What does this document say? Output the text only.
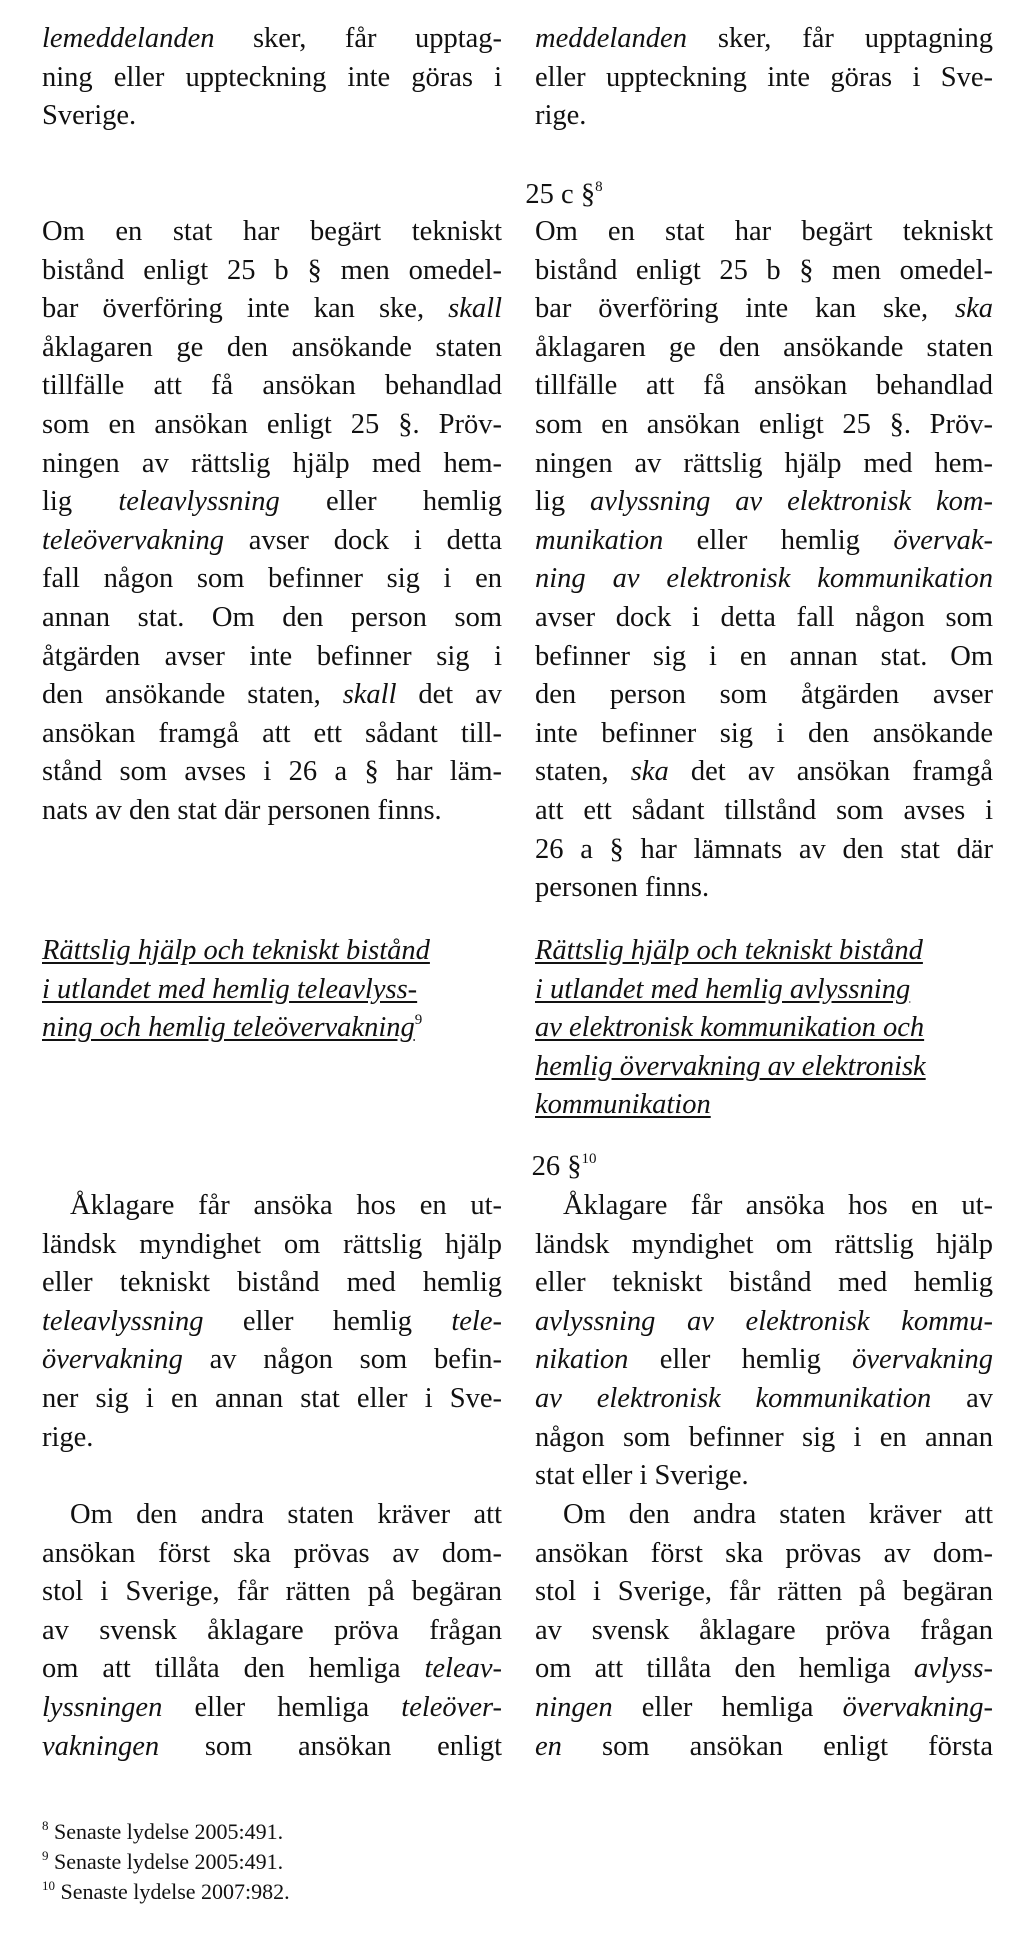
lemeddelanden sker, får upptag-
ning eller uppteckning inte göras i
Sverige.
meddelanden sker, får upptagning
eller uppteckning inte göras i Sve-
rige.
25 c §$^8$
Om en stat har begärt tekniskt
bistånd enligt 25 b § men omedel-
bar överföring inte kan ske, skall
åklagaren ge den ansökande staten
tillfälle att få ansökan behandlad
som en ansökan enligt 25 §. Pröv-
ningen av rättslig hjälp med hem-
lig teleavlyssning eller hemlig
teleövervakning avser dock i detta
fall någon som befinner sig i en
annan stat. Om den person som
åtgärden avser inte befinner sig i
den ansökande staten, skall det av
ansökan framgå att ett sådant till-
stånd som avses i 26 a § har läm-
nats av den stat där personen finns.
Om en stat har begärt tekniskt
bistånd enligt 25 b § men omedel-
bar överföring inte kan ske, ska
åklagaren ge den ansökande staten
tillfälle att få ansökan behandlad
som en ansökan enligt 25 §. Pröv-
ningen av rättslig hjälp med hem-
lig avlyssning av elektronisk kom-
munikation eller hemlig övervak-
ning av elektronisk kommunikation
avser dock i detta fall någon som
befinner sig i en annan stat. Om
den person som åtgärden avser
inte befinner sig i den ansökande
staten, ska det av ansökan framgå
att ett sådant tillstånd som avses i
26 a § har lämnats av den stat där
personen finns.
Rättslig hjälp och tekniskt bistånd
i utlandet med hemlig teleavlyss-
ning och hemlig teleövervakning$^9$
Rättslig hjälp och tekniskt bistånd
i utlandet med hemlig avlyssning
av elektronisk kommunikation och
hemlig övervakning av elektronisk
kommunikation
26 §$^{10}$
Åklagare får ansöka hos en ut-
ländsk myndighet om rättslig hjälp
eller tekniskt bistånd med hemlig
teleavlyssning eller hemlig tele-
övervakning av någon som befin-
ner sig i en annan stat eller i Sve-
rige.
Åklagare får ansöka hos en ut-
ländsk myndighet om rättslig hjälp
eller tekniskt bistånd med hemlig
avlyssning av elektronisk kommu-
nikation eller hemlig övervakning
av elektronisk kommunikation av
någon som befinner sig i en annan
stat eller i Sverige.
Om den andra staten kräver att
ansökan först ska prövas av dom-
stol i Sverige, får rätten på begäran
av svensk åklagare pröva frågan
om att tillåta den hemliga teleav-
lyssningen eller hemliga teleöver-
vakningen som ansökan enligt
Om den andra staten kräver att
ansökan först ska prövas av dom-
stol i Sverige, får rätten på begäran
av svensk åklagare pröva frågan
om att tillåta den hemliga avlyss-
ningen eller hemliga övervakning-
en som ansökan enligt första
$^8$ Senaste lydelse 2005:491.
$^9$ Senaste lydelse 2005:491.
$^{10}$ Senaste lydelse 2007:982.
